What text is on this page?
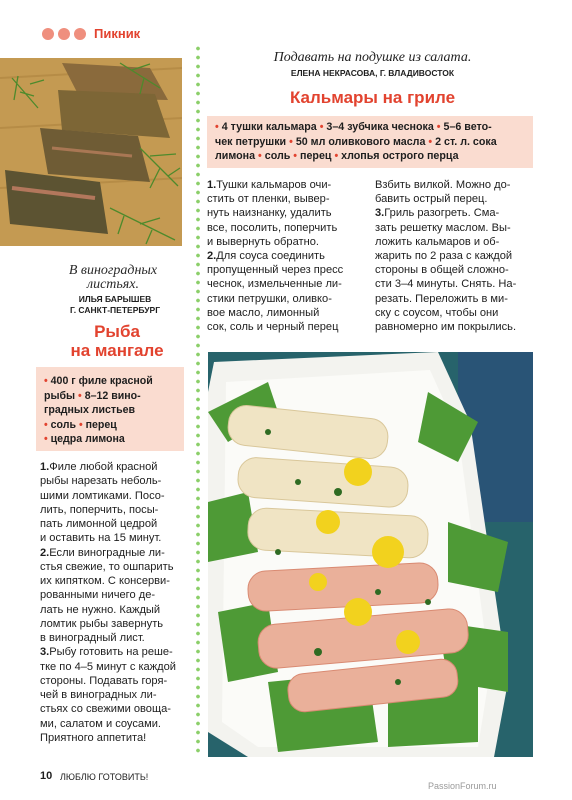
Пикник
В виноградных
листьях.
ИЛЬЯ БАРЫШЕВ
Г. САНКТ-ПЕТЕРБУРГ
Рыба
на мангале
• 400 г филе красной
рыбы • 8–12 вино-
градных листьев
• соль • перец
• цедра лимона
1.Филе любой красной
рыбы нарезать неболь-
шими ломтиками. Посо-
лить, поперчить, посы-
пать лимонной цедрой
и оставить на 15 минут.
2.Если виноградные ли-
стья свежие, то ошпарить
их кипятком. С консерви-
рованными ничего де-
лать не нужно. Каждый
ломтик рыбы завернуть
в виноградный лист.
3.Рыбу готовить на реше-
тке по 4–5 минут с каждой
стороны. Подавать горя-
чей в виноградных ли-
стьях со свежими овоща-
ми, салатом и соусами.
Приятного аппетита!
Подавать на подушке из салата.
ЕЛЕНА НЕКРАСОВА, Г. ВЛАДИВОСТОК
Кальмары на гриле
• 4 тушки кальмара • 3–4 зубчика чеснока • 5–6 вето-
чек петрушки • 50 мл оливкового масла • 2 ст. л. сока
лимона • соль • перец • хлопья острого перца
1.Тушки кальмаров очи-
стить от пленки, вывер-
нуть наизнанку, удалить
все, посолить, поперчить
и вывернуть обратно.
2.Для соуса соединить
пропущенный через пресс
чеснок, измельченные ли-
стики петрушки, оливко-
вое масло, лимонный
сок, соль и черный перец
Взбить вилкой. Можно до-
бавить острый перец.
3.Гриль разогреть. Сма-
зать решетку маслом. Вы-
ложить кальмаров и об-
жарить по 2 раза с каждой
стороны в общей сложно-
сти 3–4 минуты. Снять. На-
резать. Переложить в ми-
ску с соусом, чтобы они
равномерно им покрылись.
10 ЛЮБЛЮ ГОТОВИТЬ!
PassionForum.ru
